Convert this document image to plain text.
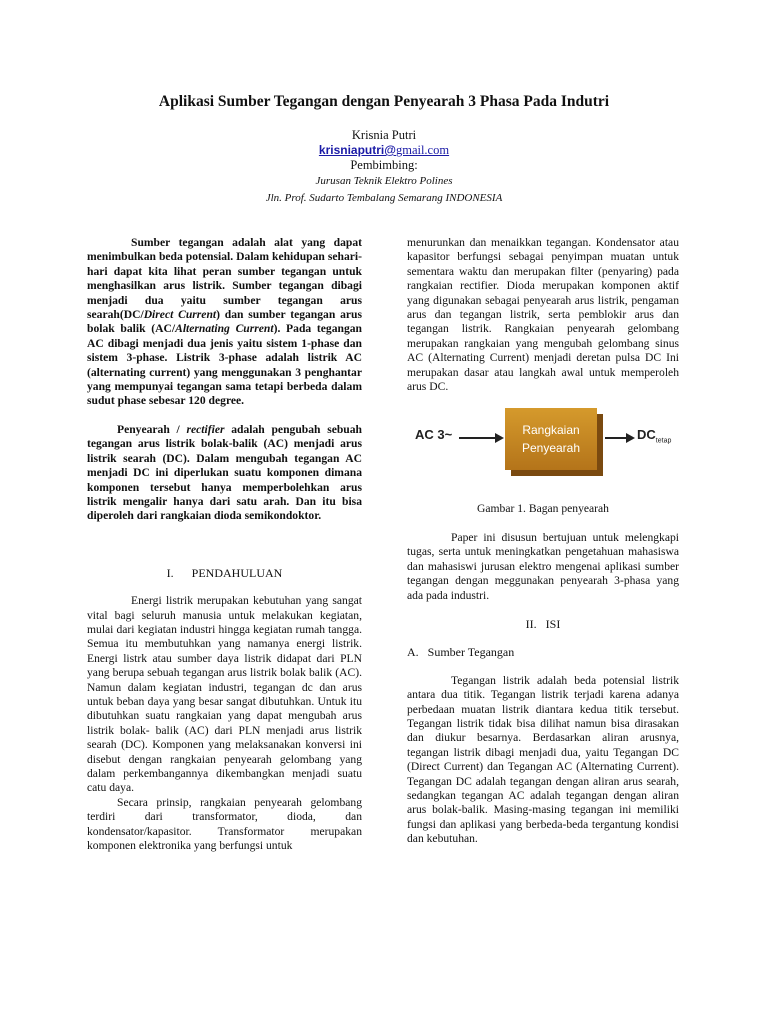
Aplikasi Sumber Tegangan dengan Penyearah 3 Phasa Pada Indutri
Krisnia Putri
krisniaputri@gmail.com
Pembimbing:
Jurusan Teknik Elektro Polines
Jln. Prof. Sudarto Tembalang Semarang INDONESIA

Sumber tegangan adalah alat yang dapat menimbulkan beda potensial. Dalam kehidupan sehari-hari dapat kita lihat peran sumber tegangan untuk menghasilkan arus listrik. Sumber tegangan dibagi menjadi dua yaitu sumber tegangan arus searah(DC/Direct Current) dan sumber tegangan arus bolak balik (AC/Alternating Current). Pada tegangan AC dibagi menjadi dua jenis yaitu sistem 1-phase dan sistem 3-phase. Listrik 3-phase adalah listrik AC (alternating current) yang menggunakan 3 penghantar yang mempunyai tegangan sama tetapi berbeda dalam sudut phase sebesar 120 degree.

Penyearah / rectifier adalah pengubah sebuah tegangan arus listrik bolak-balik (AC) menjadi arus listrik searah (DC). Dalam mengubah tegangan AC menjadi DC ini diperlukan suatu komponen dimana komponen tersebut hanya memperbolehkan arus listrik mengalir hanya dari satu arah. Dan itu bisa diperoleh dari rangkaian dioda semikondoktor.

I.      PENDAHULUAN

Energi listrik merupakan kebutuhan yang sangat vital bagi seluruh manusia untuk melakukan kegiatan, mulai dari kegiatan industri hingga kegiatan rumah tangga. Semua itu membutuhkan yang namanya energi listrik. Energi listrk atau sumber daya listrik didapat dari PLN yang berupa sebuah tegangan arus listrik bolak balik (AC). Namun dalam kegiatan industri, tegangan dc dan arus untuk beban daya yang besar sangat dibutuhkan. Untuk itu dibutuhkan suatu rangkaian yang dapat mengubah arus listrik bolak- balik (AC) dari PLN menjadi arus listrik searah (DC). Komponen yang melaksanakan konversi ini disebut dengan rangkaian penyearah gelombang yang dalam perkembangannya dikembangkan menjadi suatu catu daya.

Secara prinsip, rangkaian penyearah gelombang terdiri dari transformator, dioda, dan kondensator/kapasitor. Transformator merupakan komponen elektronika yang berfungsi untuk

menurunkan dan menaikkan tegangan. Kondensator atau kapasitor berfungsi sebagai penyimpan muatan untuk sementara waktu dan merupakan filter (penyaring) pada rangkaian rectifier. Dioda merupakan komponen aktif yang digunakan sebagai penyearah arus listrik, pengaman arus dan tegangan listrik, serta pemblokir arus dan tegangan listrik. Rangkaian penyearah gelombang merupakan rangkaian yang mengubah gelombang sinus AC (Alternating Current) menjadi deretan pulsa DC Ini merupakan dasar atau langkah awal untuk memperoleh arus DC.

AC 3~	Rangkaian
Penyearah
$DC_{tetap}$

Gambar 1. Bagan penyearah

Paper ini disusun bertujuan untuk melengkapi tugas, serta untuk meningkatkan pengetahuan mahasiswa dan mahasiswi jurusan elektro mengenai aplikasi sumber tegangan dengan meggunakan penyearah 3-phasa yang ada pada industri.

II.   ISI

A.   Sumber Tegangan

Tegangan listrik adalah beda potensial listrik antara dua titik. Tegangan listrik terjadi karena adanya perbedaan muatan listrik diantara kedua titik tersebut. Tegangan listrik tidak bisa dilihat namun bisa dirasakan dan diukur besarnya. Berdasarkan aliran arusnya, tegangan listrik dibagi menjadi dua, yaitu Tegangan DC (Direct Current) dan Tegangan AC (Alternating Current). Tegangan DC adalah tegangan dengan aliran arus searah, sedangkan tegangan AC adalah tegangan dengan aliran arus bolak-balik. Masing-masing tegangan ini memiliki fungsi dan aplikasi yang berbeda-beda tergantung kondisi dan kebutuhan.
